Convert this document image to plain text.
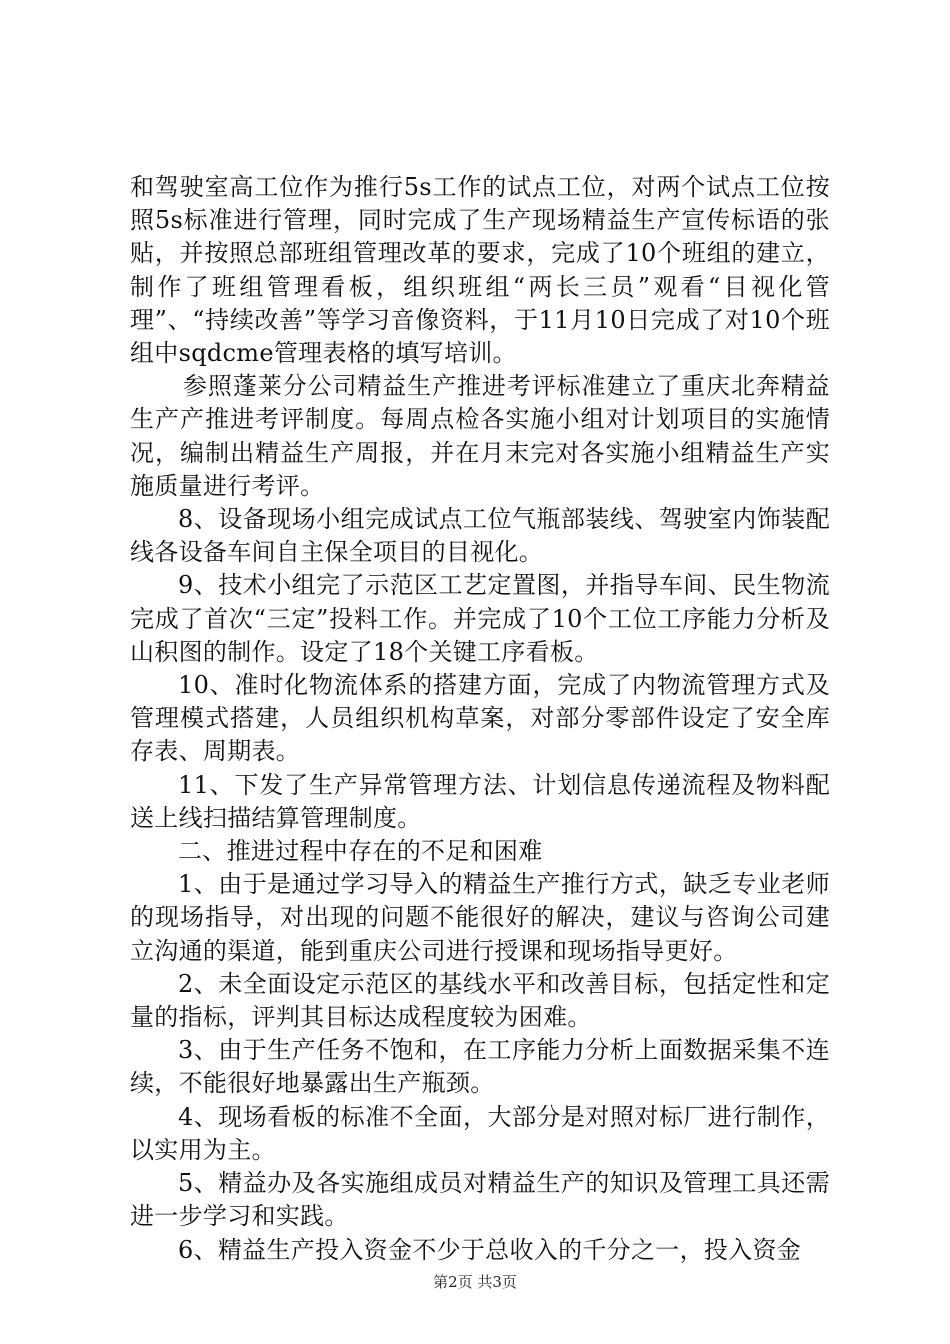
和驾驶室高工位作为推行5s工作的试点工位，对两个试点工位按照5s标准进行管理，同时完成了生产现场精益生产宣传标语的张贴，并按照总部班组管理改革的要求，完成了10个班组的建立，制作了班组管理看板，组织班组“两长三员”观看“目视化管理”、“持续改善”等学习音像资料，于11月10日完成了对10个班组中sqdcme管理表格的填写培训。

参照蓬莱分公司精益生产推进考评标准建立了重庆北奔精益生产产推进考评制度。每周点检各实施小组对计划项目的实施情况，编制出精益生产周报，并在月末完对各实施小组精益生产实施质量进行考评。

8、设备现场小组完成试点工位气瓶部装线、驾驶室内饰装配线各设备车间自主保全项目的目视化。

9、技术小组完了示范区工艺定置图，并指导车间、民生物流完成了首次“三定”投料工作。并完成了10个工位工序能力分析及山积图的制作。设定了18个关键工序看板。

10、准时化物流体系的搭建方面，完成了内物流管理方式及管理模式搭建，人员组织机构草案，对部分零部件设定了安全库存表、周期表。

11、下发了生产异常管理方法、计划信息传递流程及物料配送上线扫描结算管理制度。

二、推进过程中存在的不足和困难

1、由于是通过学习导入的精益生产推行方式，缺乏专业老师的现场指导，对出现的问题不能很好的解决，建议与咨询公司建立沟通的渠道，能到重庆公司进行授课和现场指导更好。

2、未全面设定示范区的基线水平和改善目标，包括定性和定量的指标，评判其目标达成程度较为困难。

3、由于生产任务不饱和，在工序能力分析上面数据采集不连续，不能很好地暴露出生产瓶颈。

4、现场看板的标准不全面，大部分是对照对标厂进行制作，以实用为主。

5、精益办及各实施组成员对精益生产的知识及管理工具还需进一步学习和实践。

6、精益生产投入资金不少于总收入的千分之一，投入资金

第2页 共3页
